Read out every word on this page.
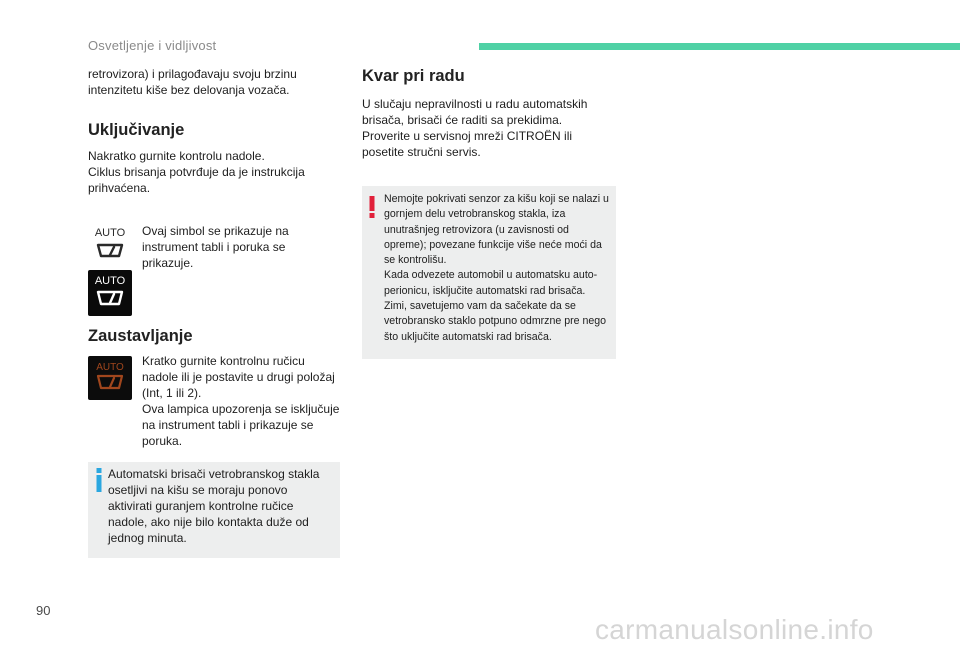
Osvetljenje i vidljivost

retrovizora) i prilagođavaju svoju brzinu intenzitetu kiše bez delovanja vozača.

Uključivanje

Nakratko gurnite kontrolu nadole.

Ciklus brisanja potvrđuje da je instrukcija prihvaćena.

AUTO
AUTO

Ovaj simbol se prikazuje na instrument tabli i poruka se prikazuje.

Zaustavljanje
AUTO Kratko gurnite kontrolnu ručicu nadole ili je postavite u drugi položaj (Int, 1 ili 2).

Ova lampica upozorenja se isključuje na instrument tabli i prikazuje se poruka.

Automatski brisači vetrobranskog stakla osetljivi na kišu se moraju ponovo aktivirati guranjem kontrolne ručice nadole, ako nije bilo kontakta duže od jednog minuta.

Kvar pri radu

U slučaju nepravilnosti u radu automatskih brisača, brisači će raditi sa prekidima.

Proverite u servisnoj mreži CITROËN ili posetite stručni servis.

Nemojte pokrivati senzor za kišu koji se nalazi u gornjem delu vetrobranskog stakla, iza unutrašnjeg retrovizora (u zavisnosti od opreme); povezane funkcije više neće moći da se kontrolišu.

Kada odvezete automobil u automatsku auto-perionicu, isključite automatski rad brisača.

Zimi, savetujemo vam da sačekate da se vetrobransko staklo potpuno odmrzne pre nego što uključite automatski rad brisača.

90
carmanualsonline.info
